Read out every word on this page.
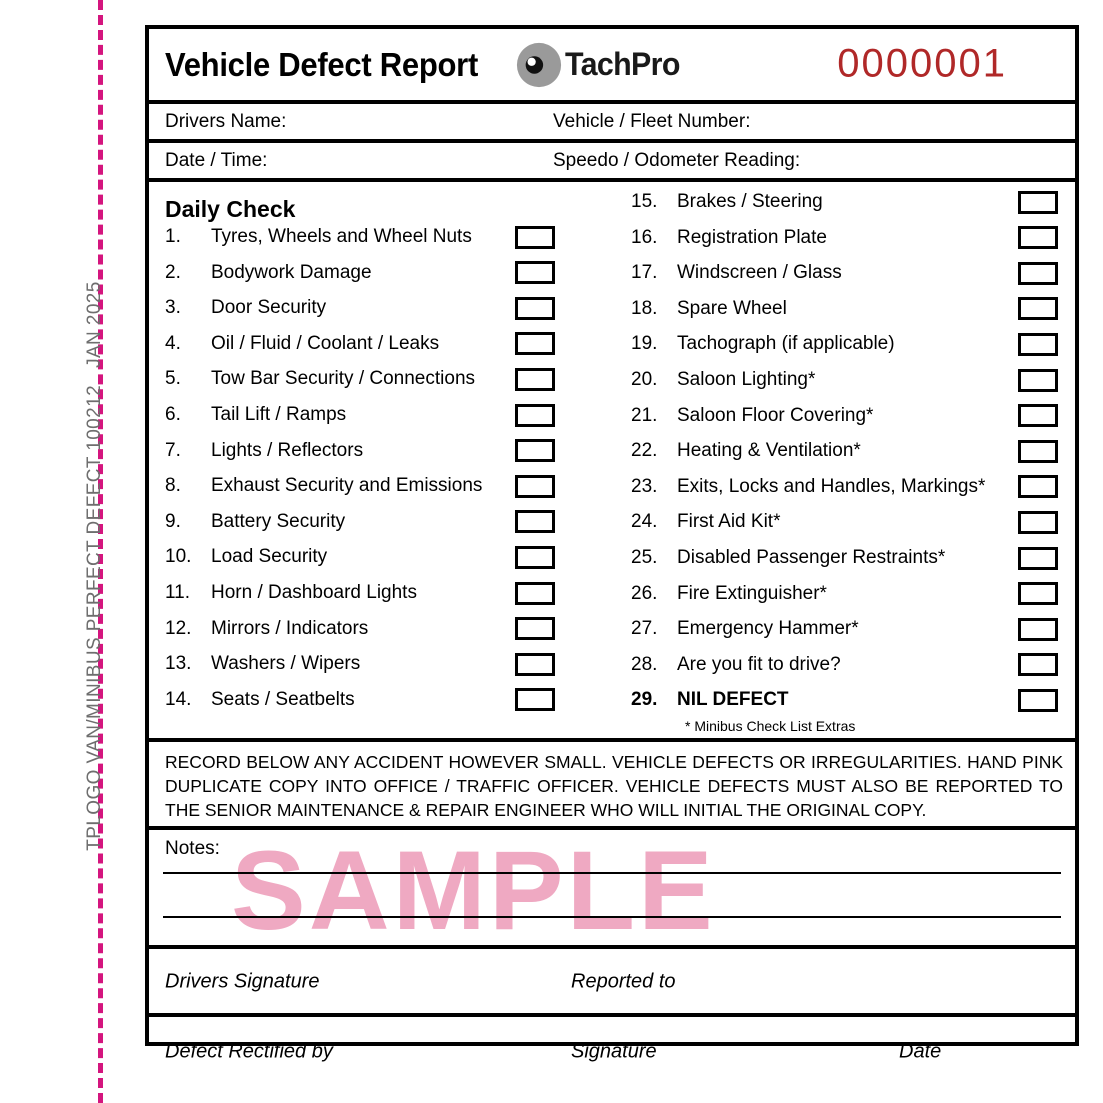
TPLOGO VAN/MINIBUS PERFECT DEFECT 100212   JAN 2025
Vehicle Defect Report	TachPro	0000001
Drivers Name:	Vehicle / Fleet Number:
Date / Time:	Speedo / Odometer Reading:
Daily Check
1.	Tyres, Wheels and Wheel Nuts
2.	Bodywork Damage
3.	Door Security
4.	Oil / Fluid / Coolant / Leaks
5.	Tow Bar Security / Connections
6.	Tail Lift / Ramps
7.	Lights / Reflectors
8.	Exhaust Security and Emissions
9.	Battery Security
10.	Load Security
11.	Horn / Dashboard Lights
12.	Mirrors / Indicators
13.	Washers / Wipers
14.	Seats / Seatbelts
* Minibus Check List Extras
15.	Brakes / Steering
16.	Registration Plate
17.	Windscreen / Glass
18.	Spare Wheel
19.	Tachograph (if applicable)
20.	Saloon Lighting*
21.	Saloon Floor Covering*
22.	Heating & Ventilation*
23.	Exits, Locks and Handles, Markings*
24.	First Aid Kit*
25.	Disabled Passenger Restraints*
26.	Fire Extinguisher*
27.	Emergency Hammer*
28.	Are you fit to drive?
29.	NIL DEFECT

RECORD BELOW ANY ACCIDENT HOWEVER SMALL. VEHICLE DEFECTS OR IRREGULARITIES. HAND PINK DUPLICATE COPY INTO OFFICE / TRAFFIC OFFICER. VEHICLE DEFECTS MUST ALSO BE REPORTED TO THE SENIOR MAINTENANCE & REPAIR ENGINEER WHO WILL INITIAL THE ORIGINAL COPY.

SAMPLE
Notes:
Drivers Signature	Reported to
Defect Rectified by	Signature	Date
